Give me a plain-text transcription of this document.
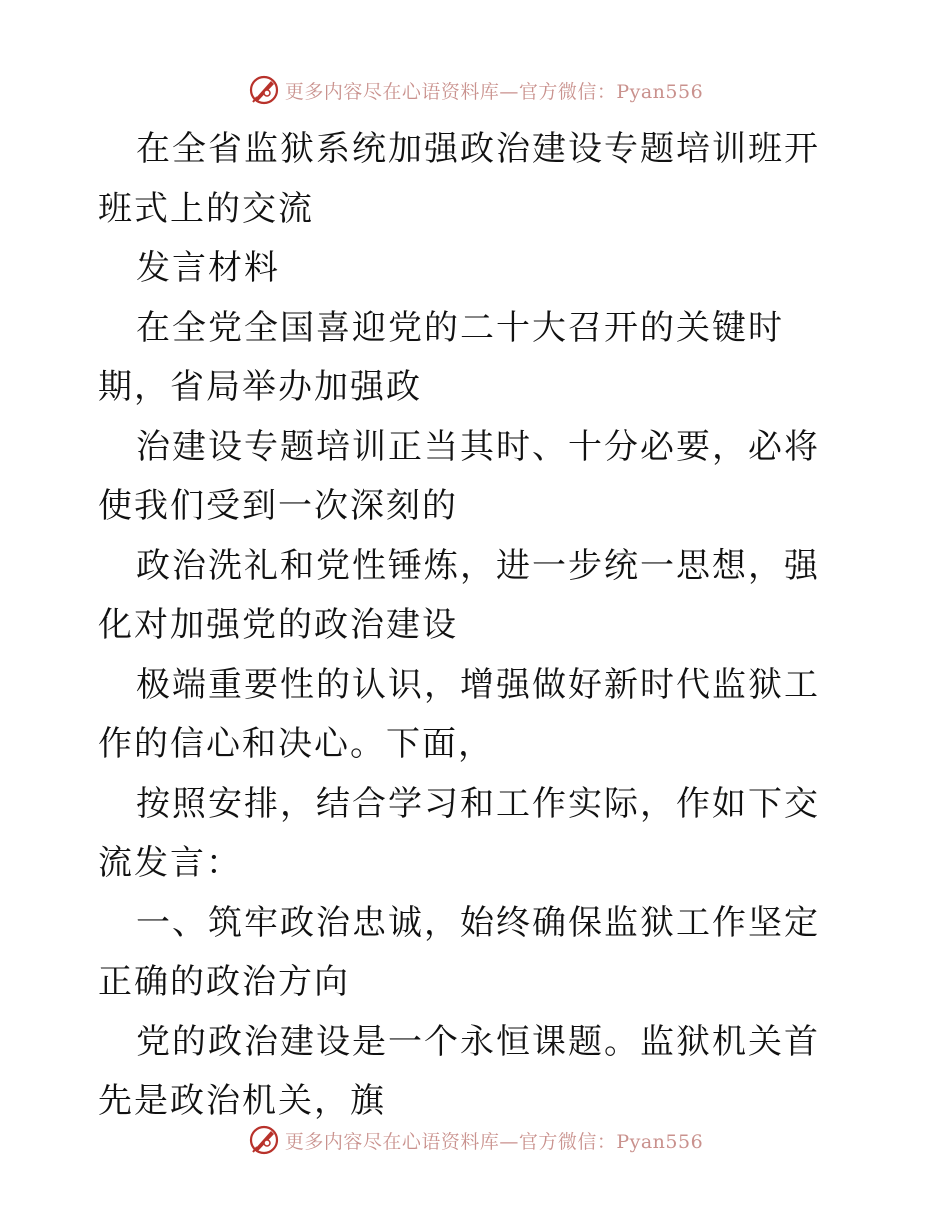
更多内容尽在心语资料库—官方微信：Pyan556

在全省监狱系统加强政治建设专题培训班开班式上的交流

发言材料

在全党全国喜迎党的二十大召开的关键时期，省局举办加强政

治建设专题培训正当其时、十分必要，必将使我们受到一次深刻的

政治洗礼和党性锤炼，进一步统一思想，强化对加强党的政治建设

极端重要性的认识，增强做好新时代监狱工作的信心和决心。下面，

按照安排，结合学习和工作实际，作如下交流发言：

一、筑牢政治忠诚，始终确保监狱工作坚定正确的政治方向

党的政治建设是一个永恒课题。监狱机关首先是政治机关，旗

更多内容尽在心语资料库—官方微信：Pyan556
